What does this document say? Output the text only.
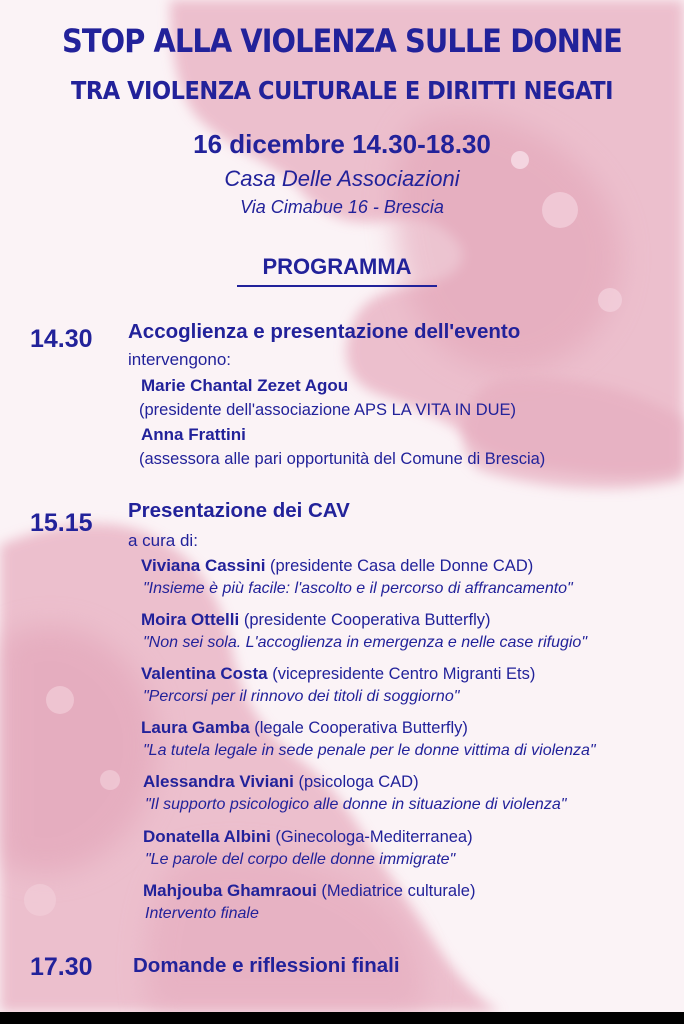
STOP ALLA VIOLENZA SULLE DONNE
TRA VIOLENZA CULTURALE E DIRITTI NEGATI
16 dicembre 14.30-18.30
Casa Delle Associazioni
Via Cimabue 16 - Brescia
PROGRAMMA
14.30 Accoglienza e presentazione dell'evento
intervengono:
Marie Chantal Zezet Agou
(presidente dell'associazione APS LA VITA IN DUE)
Anna Frattini
(assessora alle pari opportunità del Comune di Brescia)
15.15 Presentazione dei CAV
a cura di:
Viviana Cassini (presidente Casa delle Donne CAD)
"Insieme è più facile: l'ascolto e il percorso di affrancamento"
Moira Ottelli (presidente Cooperativa Butterfly)
"Non sei sola. L'accoglienza in emergenza e nelle case rifugio"
Valentina Costa (vicepresidente Centro Migranti Ets)
"Percorsi per il rinnovo dei titoli di soggiorno"
Laura Gamba (legale Cooperativa Butterfly)
"La tutela legale in sede penale per le donne vittima di violenza"
Alessandra Viviani (psicologa CAD)
"Il supporto psicologico alle donne in situazione di violenza"
Donatella Albini (Ginecologa-Mediterranea)
"Le parole del corpo delle donne immigrate"
Mahjouba Ghamraoui (Mediatrice culturale)
Intervento finale
17.30 Domande e riflessioni finali
